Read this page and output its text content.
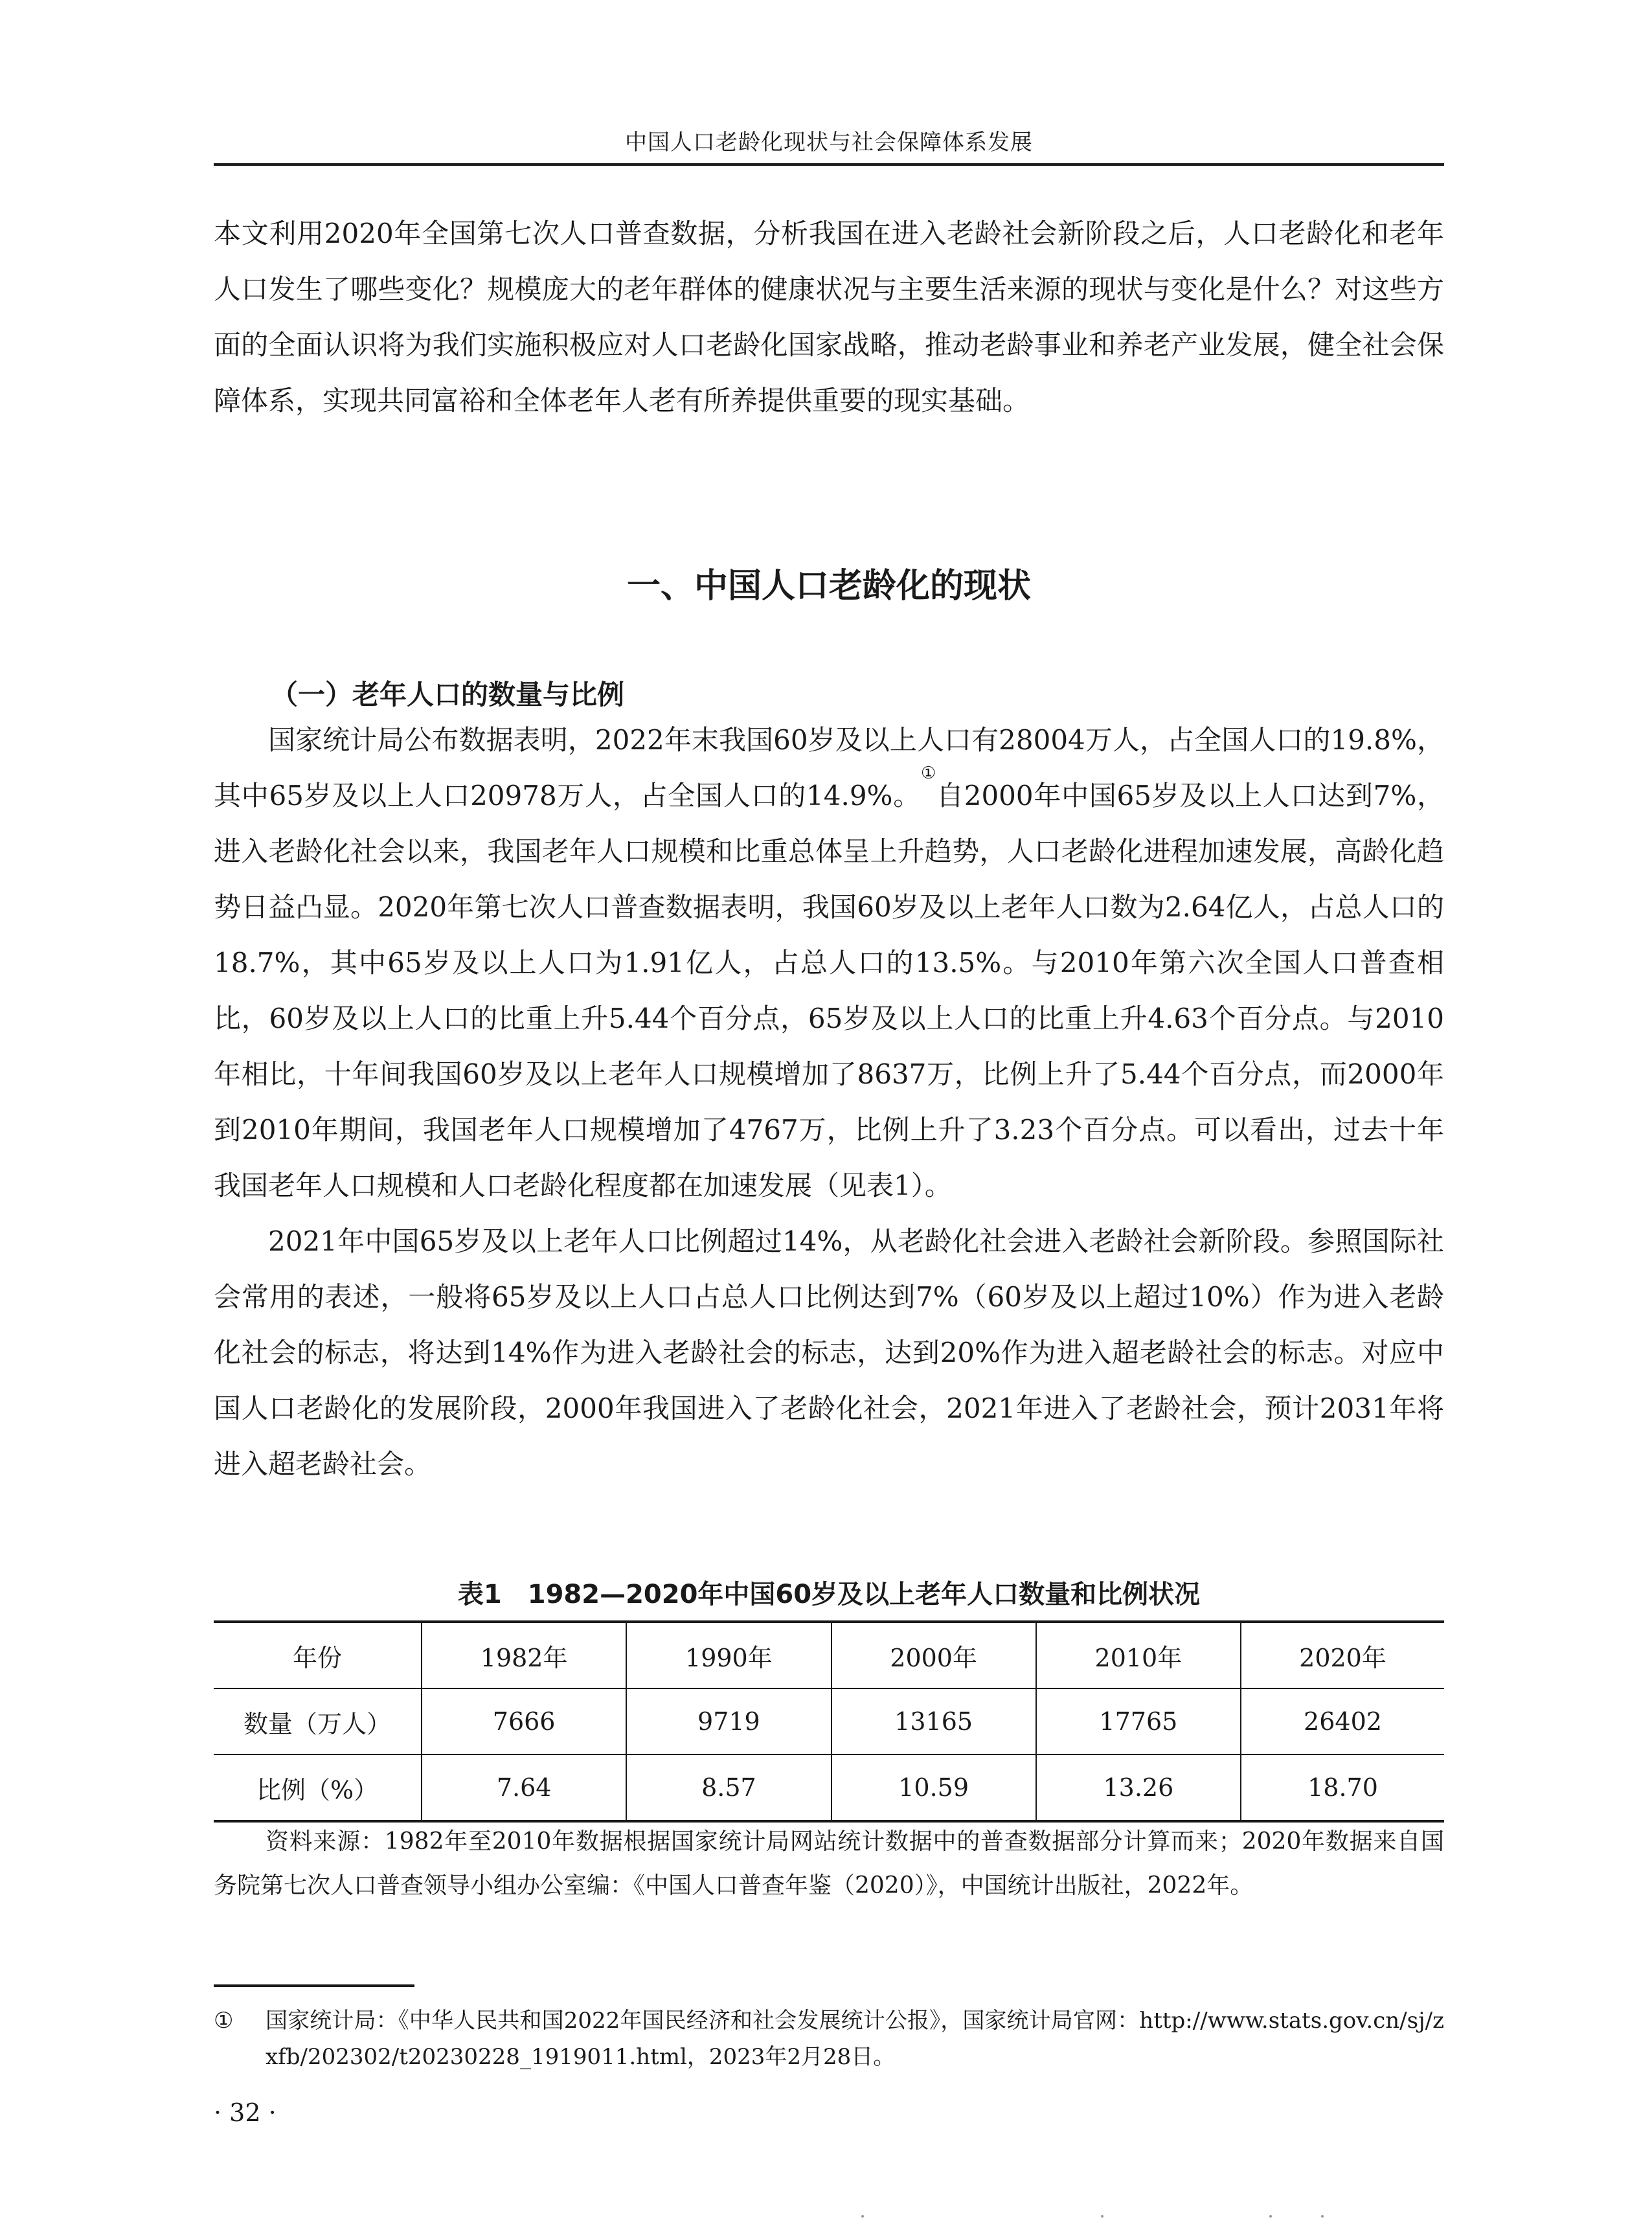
中国人口老龄化现状与社会保障体系发展

本文利用2020年全国第七次人口普查数据，分析我国在进入老龄社会新阶段之后，人口老龄化和老年人口发生了哪些变化？规模庞大的老年群体的健康状况与主要生活来源的现状与变化是什么？对这些方面的全面认识将为我们实施积极应对人口老龄化国家战略，推动老龄事业和养老产业发展，健全社会保障体系，实现共同富裕和全体老年人老有所养提供重要的现实基础。

一、中国人口老龄化的现状
（一）老年人口的数量与比例

国家统计局公布数据表明，2022年末我国60岁及以上人口有28004万人，占全国人口的19.8%，其中65岁及以上人口20978万人，占全国人口的14.9%。①自2000年中国65岁及以上人口达到7%，进入老龄化社会以来，我国老年人口规模和比重总体呈上升趋势，人口老龄化进程加速发展，高龄化趋势日益凸显。2020年第七次人口普查数据表明，我国60岁及以上老年人口数为2.64亿人，占总人口的18.7%，其中65岁及以上人口为1.91亿人，占总人口的13.5%。与2010年第六次全国人口普查相比，60岁及以上人口的比重上升5.44个百分点，65岁及以上人口的比重上升4.63个百分点。与2010年相比，十年间我国60岁及以上老年人口规模增加了8637万，比例上升了5.44个百分点，而2000年到2010年期间，我国老年人口规模增加了4767万，比例上升了3.23个百分点。可以看出，过去十年我国老年人口规模和人口老龄化程度都在加速发展（见表1）。

2021年中国65岁及以上老年人口比例超过14%，从老龄化社会进入老龄社会新阶段。参照国际社会常用的表述，一般将65岁及以上人口占总人口比例达到7%（60岁及以上超过10%）作为进入老龄化社会的标志，将达到14%作为进入老龄社会的标志，达到20%作为进入超老龄社会的标志。对应中国人口老龄化的发展阶段，2000年我国进入了老龄化社会，2021年进入了老龄社会，预计2031年将进入超老龄社会。

表1　1982—2020年中国60岁及以上老年人口数量和比例状况
年份	1982年	1990年	2000年	2010年	2020年
数量（万人）	7666	9719	13165	17765	26402
比例（%）	7.64	8.57	10.59	13.26	18.70

资料来源：1982年至2010年数据根据国家统计局网站统计数据中的普查数据部分计算而来；2020年数据来自国务院第七次人口普查领导小组办公室编：《中国人口普查年鉴（2020）》，中国统计出版社，2022年。

① 国家统计局：《中华人民共和国2022年国民经济和社会发展统计公报》，国家统计局官网：http://www.stats.gov.cn/sj/zxfb/202302/t20230228_1919011.html，2023年2月28日。
· 32 ·
